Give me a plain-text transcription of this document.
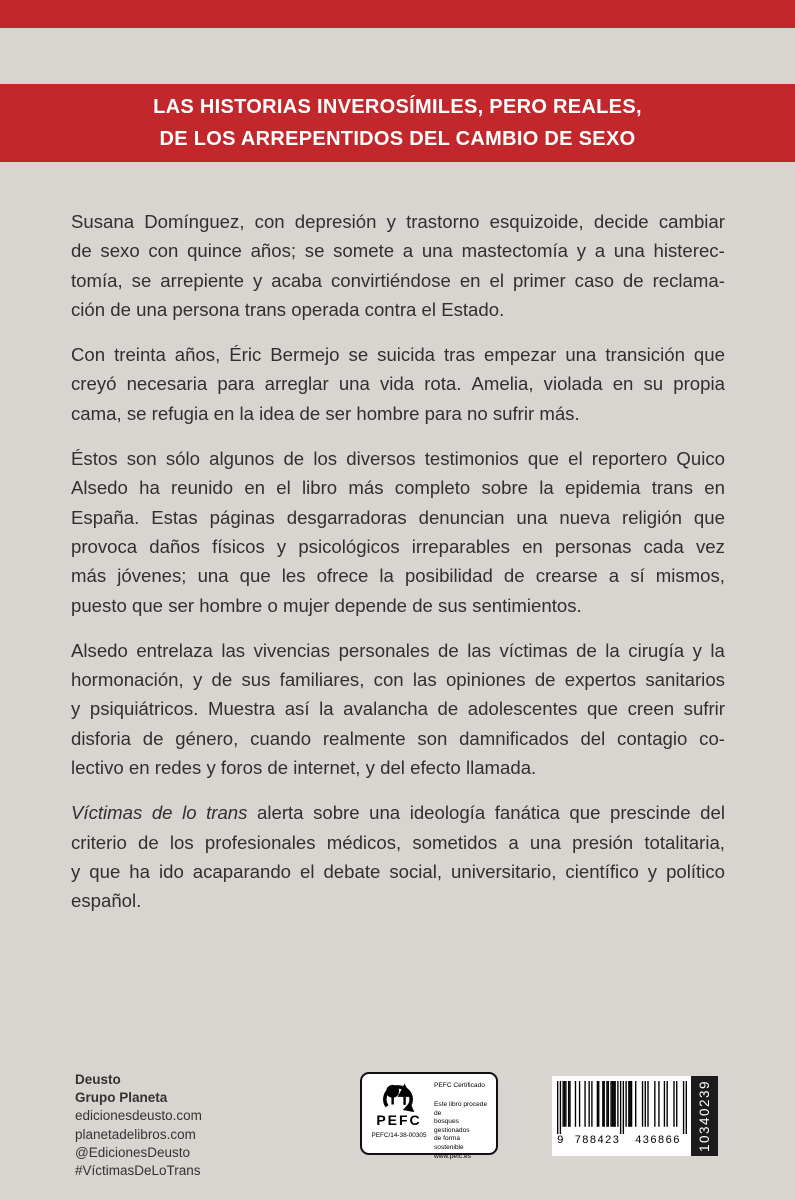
LAS HISTORIAS INVEROSÍMILES, PERO REALES,
DE LOS ARREPENTIDOS DEL CAMBIO DE SEXO
Susana Domínguez, con depresión y trastorno esquizoide, decide cambiar
de sexo con quince años; se somete a una mastectomía y a una histerec-
tomía, se arrepiente y acaba convirtiéndose en el primer caso de reclama-
ción de una persona trans operada contra el Estado.
Con treinta años, Éric Bermejo se suicida tras empezar una transición que
creyó necesaria para arreglar una vida rota. Amelia, violada en su propia
cama, se refugia en la idea de ser hombre para no sufrir más.
Éstos son sólo algunos de los diversos testimonios que el reportero Quico
Alsedo ha reunido en el libro más completo sobre la epidemia trans en
España. Estas páginas desgarradoras denuncian una nueva religión que
provoca daños físicos y psicológicos irreparables en personas cada vez
más jóvenes; una que les ofrece la posibilidad de crearse a sí mismos,
puesto que ser hombre o mujer depende de sus sentimientos.
Alsedo entrelaza las vivencias personales de las víctimas de la cirugía y la
hormonación, y de sus familiares, con las opiniones de expertos sanitarios
y psiquiátricos. Muestra así la avalancha de adolescentes que creen sufrir
disforia de género, cuando realmente son damnificados del contagio co-
lectivo en redes y foros de internet, y del efecto llamada.
Víctimas de lo trans alerta sobre una ideología fanática que prescinde del
criterio de los profesionales médicos, sometidos a una presión totalitaria,
y que ha ido acaparando el debate social, universitario, científico y político
español.
Deusto
Grupo Planeta
edicionesdeusto.com
planetadelibros.com
@EdicionesDeusto
#VíctimasDeLoTrans
PEFC
PEFC/14-38-00305
PEFC Certificado
Este libro procede de
bosques gestionados
de forma sostenible
www.pefc.es
9 788423	436866	10340239
